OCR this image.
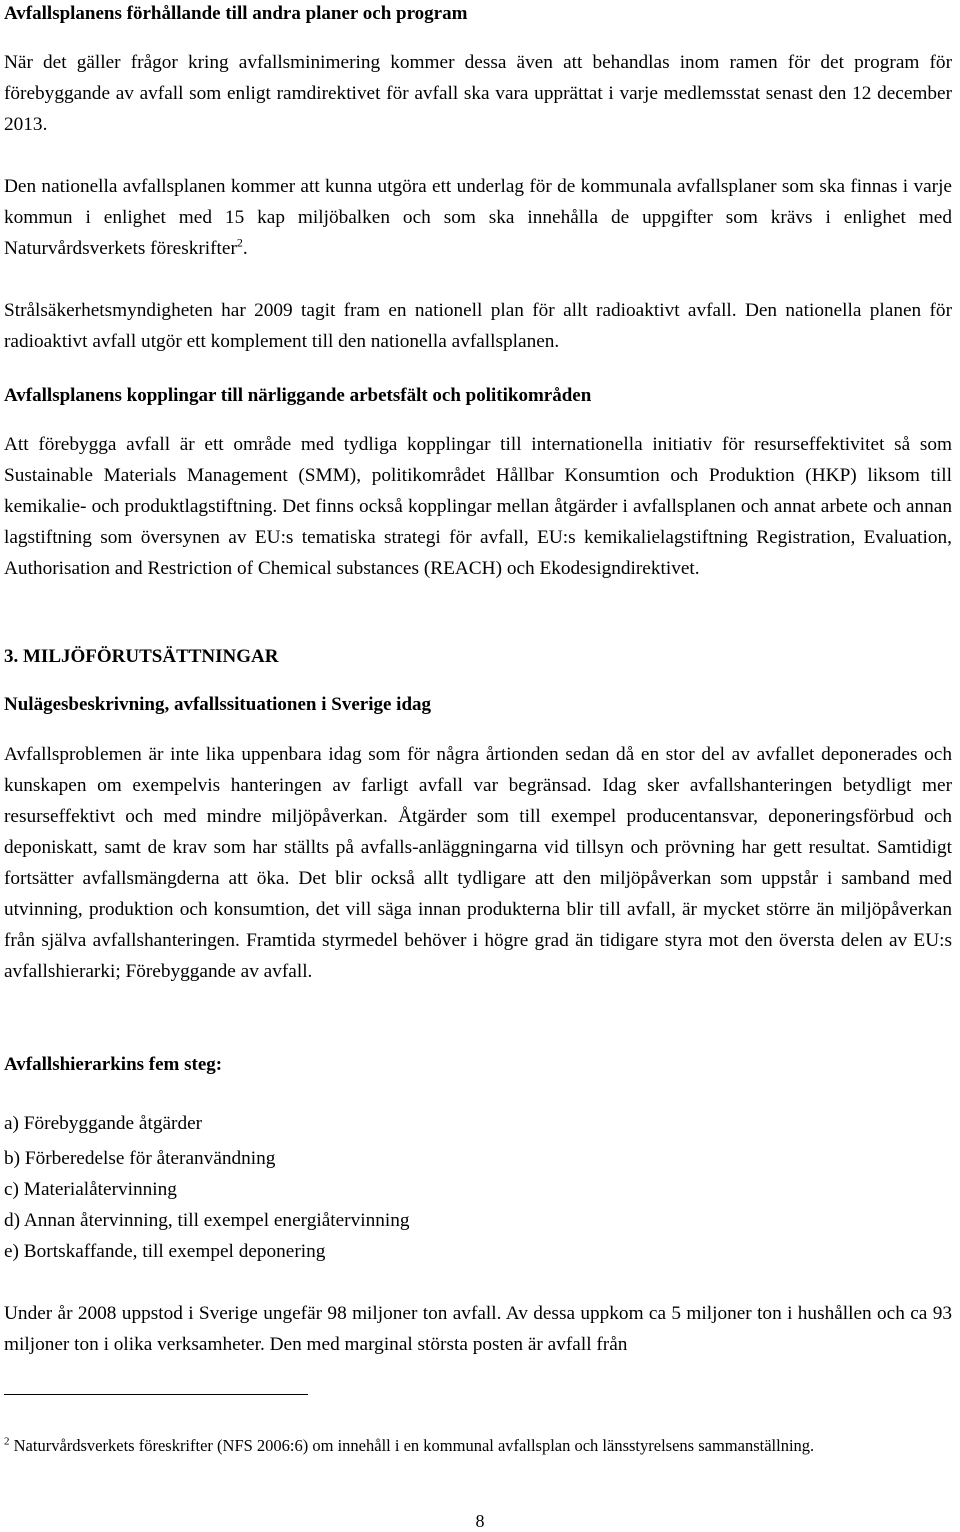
Avfallsplanens förhållande till andra planer och program

När det gäller frågor kring avfallsminimering kommer dessa även att behandlas inom ramen för det program för förebyggande av avfall som enligt ramdirektivet för avfall ska vara upprättat i varje medlemsstat senast den 12 december 2013.

Den nationella avfallsplanen kommer att kunna utgöra ett underlag för de kommunala avfallsplaner som ska finnas i varje kommun i enlighet med 15 kap miljöbalken och som ska innehålla de uppgifter som krävs i enlighet med Naturvårdsverkets föreskrifter$^2$.

Strålsäkerhetsmyndigheten har 2009 tagit fram en nationell plan för allt radioaktivt avfall. Den nationella planen för radioaktivt avfall utgör ett komplement till den nationella avfallsplanen.

Avfallsplanens kopplingar till närliggande arbetsfält och politikområden

Att förebygga avfall är ett område med tydliga kopplingar till internationella initiativ för resurseffektivitet så som Sustainable Materials Management (SMM), politikområdet Hållbar Konsumtion och Produktion (HKP) liksom till kemikalie- och produktlagstiftning. Det finns också kopplingar mellan åtgärder i avfallsplanen och annat arbete och annan lagstiftning som översynen av EU:s tematiska strategi för avfall, EU:s kemikalielagstiftning Registration, Evaluation, Authorisation and Restriction of Chemical substances (REACH) och Ekodesigndirektivet.

3. MILJÖFÖRUTSÄTTNINGAR
Nulägesbeskrivning, avfallssituationen i Sverige idag

Avfallsproblemen är inte lika uppenbara idag som för några årtionden sedan då en stor del av avfallet deponerades och kunskapen om exempelvis hanteringen av farligt avfall var begränsad. Idag sker avfallshanteringen betydligt mer resurseffektivt och med mindre miljöpåverkan. Åtgärder som till exempel producentansvar, deponeringsförbud och deponiskatt, samt de krav som har ställts på avfalls-anläggningarna vid tillsyn och prövning har gett resultat. Samtidigt fortsätter avfallsmängderna att öka. Det blir också allt tydligare att den miljöpåverkan som uppstår i samband med utvinning, produktion och konsumtion, det vill säga innan produkterna blir till avfall, är mycket större än miljöpåverkan från själva avfallshanteringen. Framtida styrmedel behöver i högre grad än tidigare styra mot den översta delen av EU:s avfallshierarki; Förebyggande av avfall.

Avfallshierarkins fem steg:
a) Förebyggande åtgärder
b) Förberedelse för återanvändning
c) Materialåtervinning
d) Annan återvinning, till exempel energiåtervinning
e) Bortskaffande, till exempel deponering

Under år 2008 uppstod i Sverige ungefär 98 miljoner ton avfall. Av dessa uppkom ca 5 miljoner ton i hushållen och ca 93 miljoner ton i olika verksamheter. Den med marginal största posten är avfall från

$^2$ Naturvårdsverkets föreskrifter (NFS 2006:6) om innehåll i en kommunal avfallsplan och länsstyrelsens sammanställning.

8
